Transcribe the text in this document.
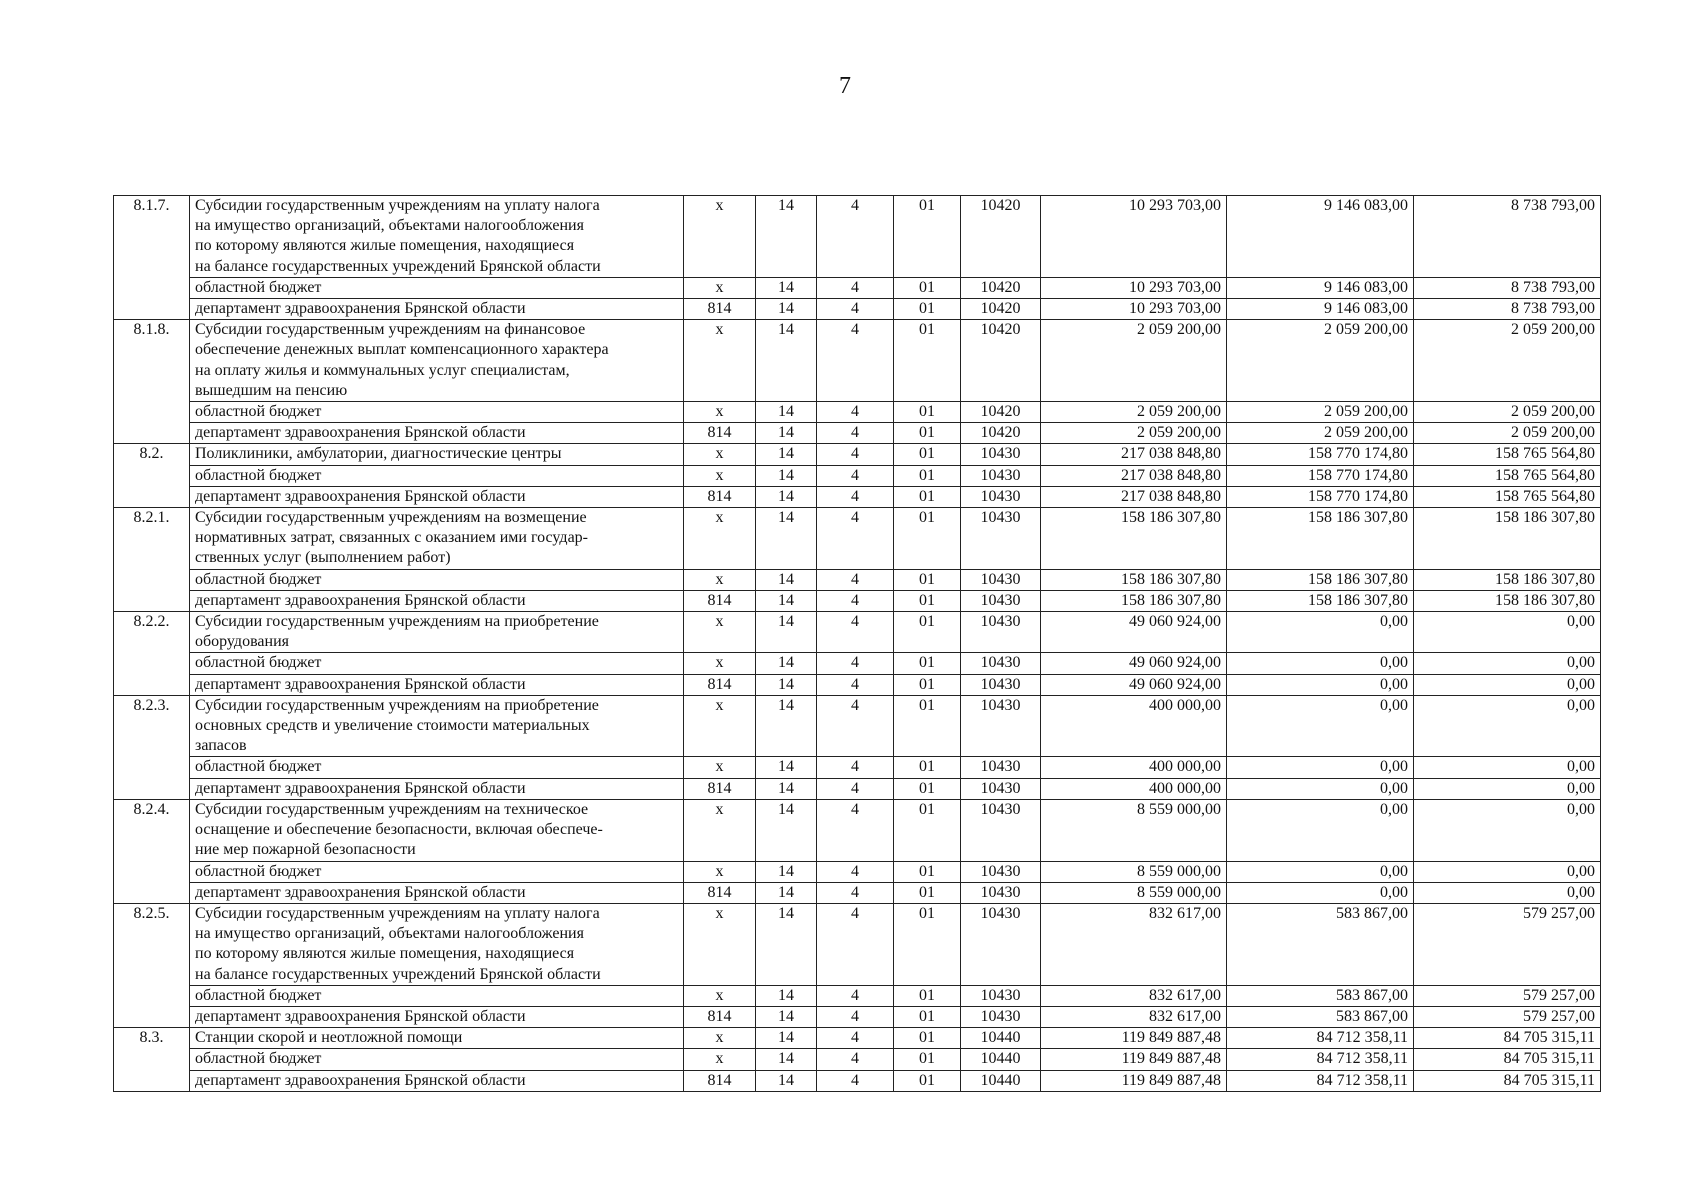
7
8.1.7.	Субсидии государственным учреждениям на уплату налога
на имущество организаций, объектами налогообложения
по которому являются жилые помещения, находящиеся
на балансе государственных учреждений Брянской области	х	14	4	01	10420	10 293 703,00	9 146 083,00	8 738 793,00
	областной бюджет	х	14	4	01	10420	10 293 703,00	9 146 083,00	8 738 793,00
	департамент здравоохранения Брянской области	814	14	4	01	10420	10 293 703,00	9 146 083,00	8 738 793,00
8.1.8.	Субсидии государственным учреждениям на финансовое
обеспечение денежных выплат компенсационного характера
на оплату жилья и коммунальных услуг специалистам,
вышедшим на пенсию	х	14	4	01	10420	2 059 200,00	2 059 200,00	2 059 200,00
	областной бюджет	х	14	4	01	10420	2 059 200,00	2 059 200,00	2 059 200,00
	департамент здравоохранения Брянской области	814	14	4	01	10420	2 059 200,00	2 059 200,00	2 059 200,00
8.2.	Поликлиники, амбулатории, диагностические центры	х	14	4	01	10430	217 038 848,80	158 770 174,80	158 765 564,80
	областной бюджет	х	14	4	01	10430	217 038 848,80	158 770 174,80	158 765 564,80
	департамент здравоохранения Брянской области	814	14	4	01	10430	217 038 848,80	158 770 174,80	158 765 564,80
8.2.1.	Субсидии государственным учреждениям на возмещение
нормативных затрат, связанных с оказанием ими государ-
ственных услуг (выполнением работ)	х	14	4	01	10430	158 186 307,80	158 186 307,80	158 186 307,80
	областной бюджет	х	14	4	01	10430	158 186 307,80	158 186 307,80	158 186 307,80
	департамент здравоохранения Брянской области	814	14	4	01	10430	158 186 307,80	158 186 307,80	158 186 307,80
8.2.2.	Субсидии государственным учреждениям на приобретение
оборудования	х	14	4	01	10430	49 060 924,00	0,00	0,00
	областной бюджет	х	14	4	01	10430	49 060 924,00	0,00	0,00
	департамент здравоохранения Брянской области	814	14	4	01	10430	49 060 924,00	0,00	0,00
8.2.3.	Субсидии государственным учреждениям на приобретение
основных средств и увеличение стоимости материальных
запасов	х	14	4	01	10430	400 000,00	0,00	0,00
	областной бюджет	х	14	4	01	10430	400 000,00	0,00	0,00
	департамент здравоохранения Брянской области	814	14	4	01	10430	400 000,00	0,00	0,00
8.2.4.	Субсидии государственным учреждениям на техническое
оснащение и обеспечение безопасности, включая обеспече-
ние мер пожарной безопасности	х	14	4	01	10430	8 559 000,00	0,00	0,00
	областной бюджет	х	14	4	01	10430	8 559 000,00	0,00	0,00
	департамент здравоохранения Брянской области	814	14	4	01	10430	8 559 000,00	0,00	0,00
8.2.5.	Субсидии государственным учреждениям на уплату налога
на имущество организаций, объектами налогообложения
по которому являются жилые помещения, находящиеся
на балансе государственных учреждений Брянской области	х	14	4	01	10430	832 617,00	583 867,00	579 257,00
	областной бюджет	х	14	4	01	10430	832 617,00	583 867,00	579 257,00
	департамент здравоохранения Брянской области	814	14	4	01	10430	832 617,00	583 867,00	579 257,00
8.3.	Станции скорой и неотложной помощи	х	14	4	01	10440	119 849 887,48	84 712 358,11	84 705 315,11
	областной бюджет	х	14	4	01	10440	119 849 887,48	84 712 358,11	84 705 315,11
	департамент здравоохранения Брянской области	814	14	4	01	10440	119 849 887,48	84 712 358,11	84 705 315,11
